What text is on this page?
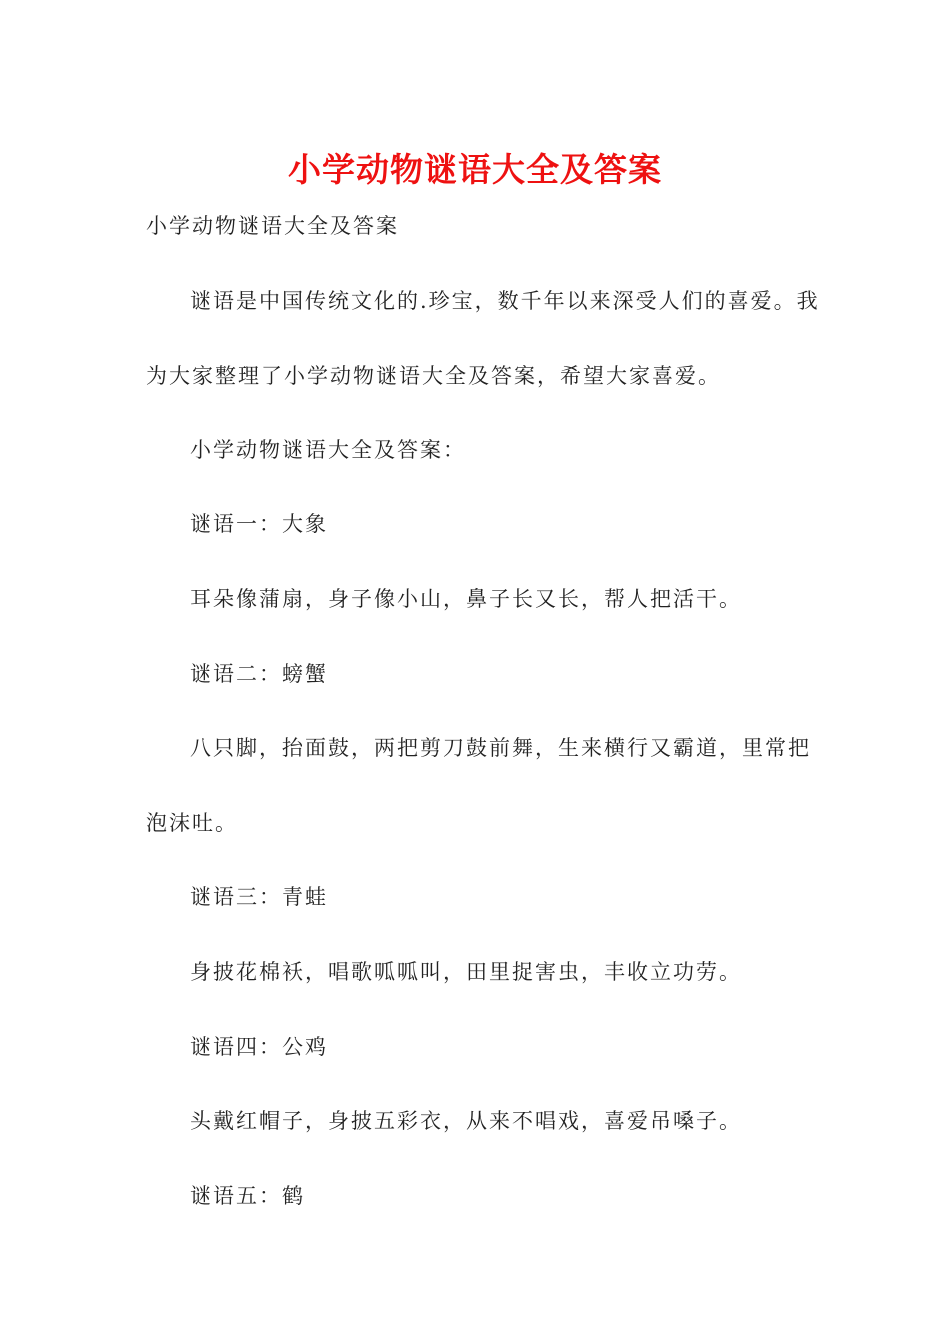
小学动物谜语大全及答案
小学动物谜语大全及答案
谜语是中国传统文化的.珍宝，数千年以来深受人们的喜爱。我
为大家整理了小学动物谜语大全及答案，希望大家喜爱。
小学动物谜语大全及答案：
谜语一：大象
耳朵像蒲扇，身子像小山，鼻子长又长，帮人把活干。
谜语二：螃蟹
八只脚，抬面鼓，两把剪刀鼓前舞，生来横行又霸道，里常把
泡沫吐。
谜语三：青蛙
身披花棉袄，唱歌呱呱叫，田里捉害虫，丰收立功劳。
谜语四：公鸡
头戴红帽子，身披五彩衣，从来不唱戏，喜爱吊嗓子。
谜语五：鹤
